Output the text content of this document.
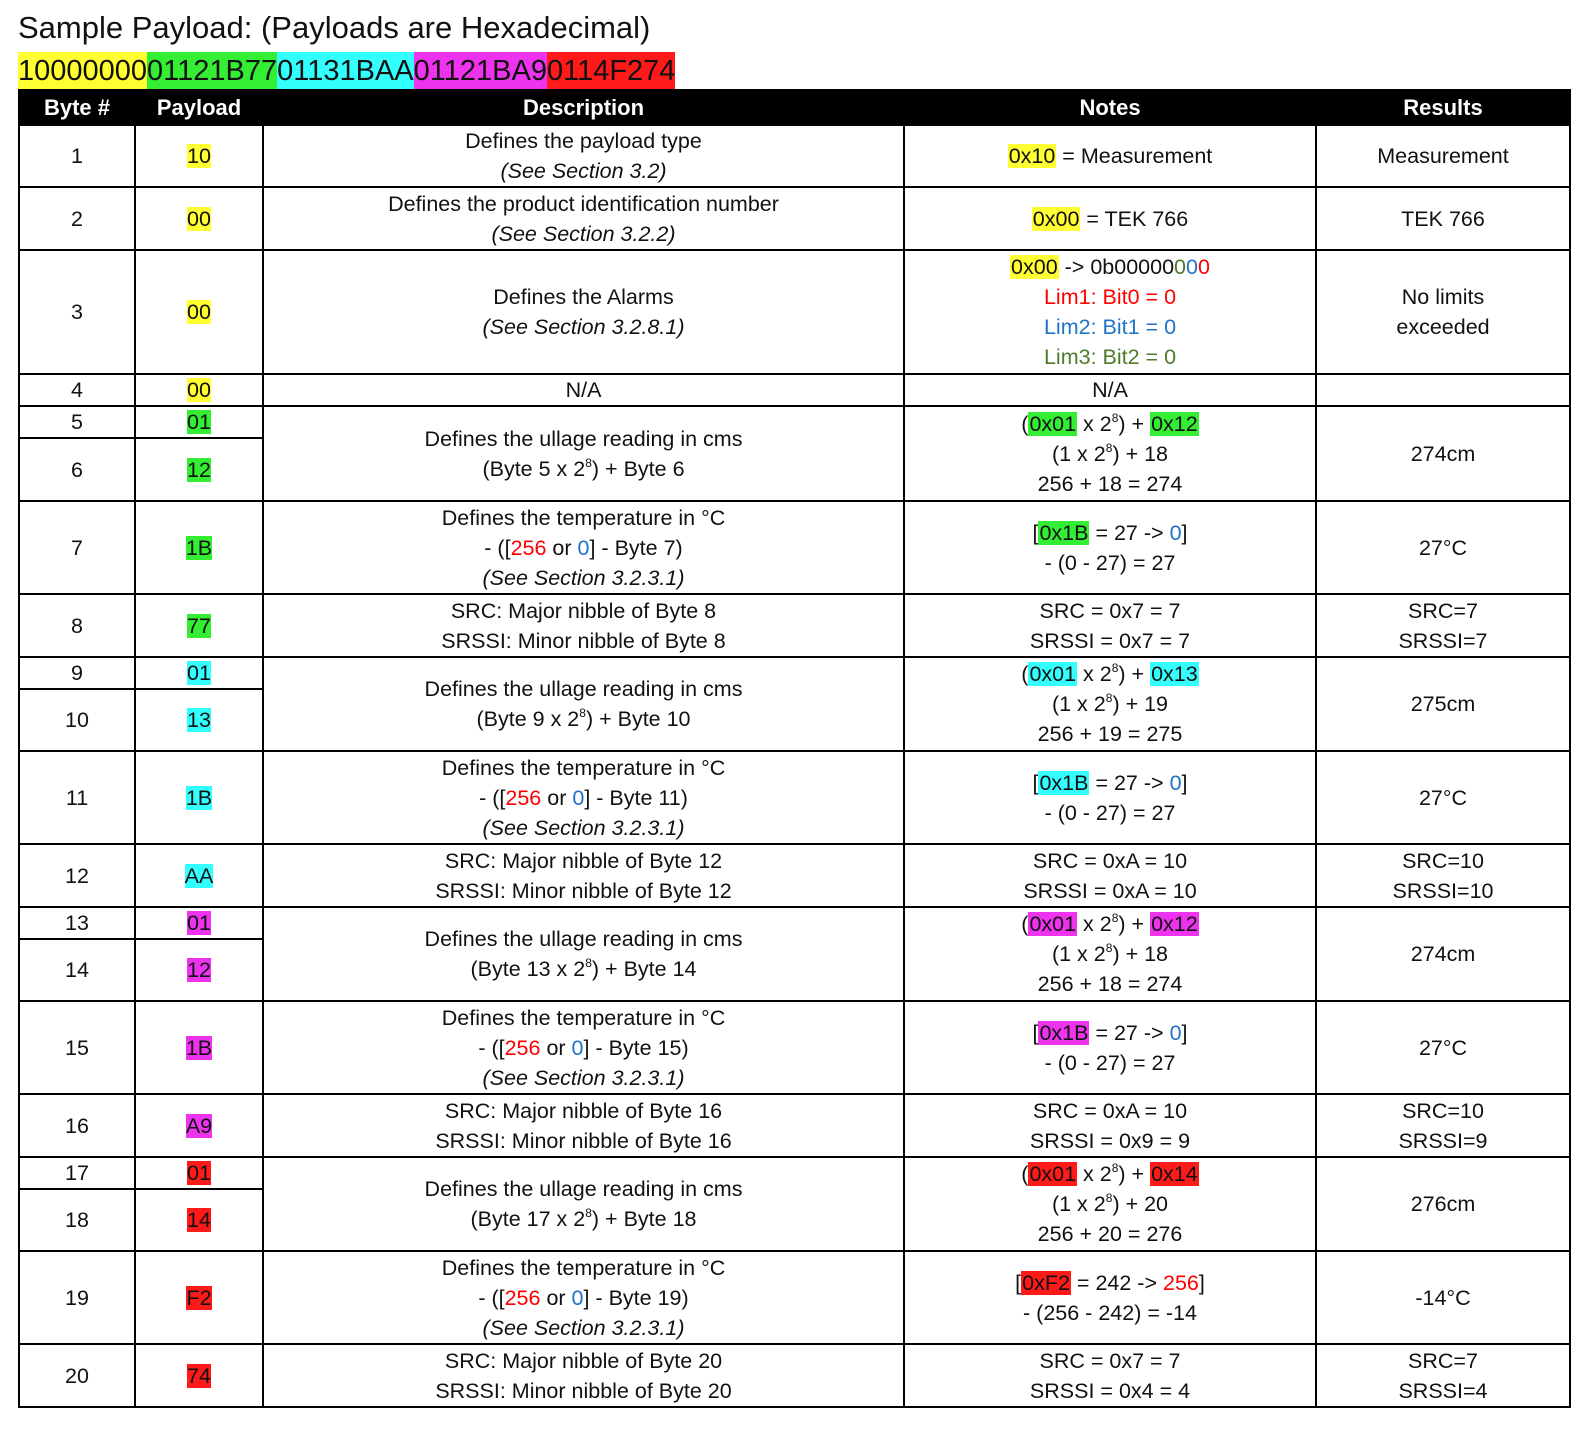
Sample Payload: (Payloads are Hexadecimal)
10000000 01121B77 01131BAA 01121BA9 0114F274
Byte #	Payload	Description	Notes	Results
1	10	Defines the payload type
(See Section 3.2)	0x10 = Measurement	Measurement

2	00	Defines the product identification number
(See Section 3.2.2)	0x00 = TEK 766	TEK 766

3	00	Defines the Alarms
(See Section 3.2.8.1)	0x00 -> 0b00000000
Lim1: Bit0 = 0
Lim2: Bit1 = 0
Lim3: Bit2 = 0	No limits
exceeded

4	00	N/A	N/A	

5	01	Defines the ullage reading in cms
(Byte 5 x $2^8$) + Byte 6	(0x01 x $2^8) + 0x12$
(1 x $2^8) + 18$
256 + 18 = 274	274cm

6	12			
7	1B	Defines the temperature in °C
- ([256 or 0] - Byte 7)
(See Section 3.2.3.1)	[0x1B = 27 -> 0]
- (0 - 27) = 27	27°C

8	77	SRC: Major nibble of Byte 8
SRSSI: Minor nibble of Byte 8	SRC = 0x7 = 7
SRSSI = 0x7 = 7	SRC=7
SRSSI=7

9	01	Defines the ullage reading in cms
(Byte 9 x $2^8$) + Byte 10	(0x01 x $2^8) + 0x13$
(1 x $2^8) + 19$
256 + 19 = 275	275cm

10	13			
11	1B	Defines the temperature in °C
- ([256 or 0] - Byte 11)
(See Section 3.2.3.1)	[0x1B = 27 -> 0]
- (0 - 27) = 27	27°C

12	AA	SRC: Major nibble of Byte 12
SRSSI: Minor nibble of Byte 12	SRC = 0xA = 10
SRSSI = 0xA = 10	SRC=10
SRSSI=10

13	01	Defines the ullage reading in cms
(Byte 13 x $2^8$) + Byte 14	(0x01 x $2^8) + 0x12$
(1 x $2^8) + 18$
256 + 18 = 274	274cm

14	12			
15	1B	Defines the temperature in °C
- ([256 or 0] - Byte 15)
(See Section 3.2.3.1)	[0x1B = 27 -> 0]
- (0 - 27) = 27	27°C

16	A9	SRC: Major nibble of Byte 16
SRSSI: Minor nibble of Byte 16	SRC = 0xA = 10
SRSSI = 0x9 = 9	SRC=10
SRSSI=9

17	01	Defines the ullage reading in cms
(Byte 17 x $2^8$) + Byte 18	(0x01 x $2^8) + 0x14$
(1 x $2^8) + 20$
256 + 20 = 276	276cm

18	14			
19	F2	Defines the temperature in °C
- ([256 or 0] - Byte 19)
(See Section 3.2.3.1)	[0xF2 = 242 -> 256]
- (256 - 242) = -14	-14°C

20	74	SRC: Major nibble of Byte 20
SRSSI: Minor nibble of Byte 20	SRC = 0x7 = 7
SRSSI = 0x4 = 4	SRC=7
SRSSI=4
